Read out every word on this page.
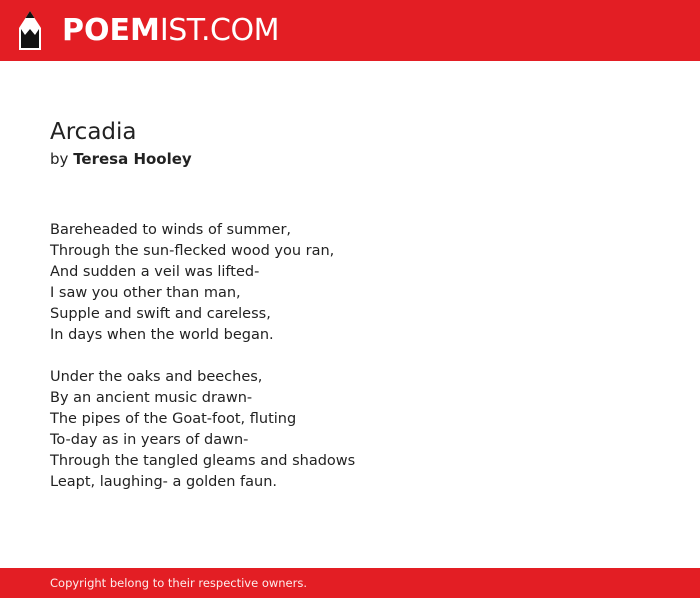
POEMIST.COM
Arcadia
by Teresa Hooley
Bareheaded to winds of summer,
Through the sun-flecked wood you ran,
And sudden a veil was lifted-
I saw you other than man,
Supple and swift and careless,
In days when the world began.
Under the oaks and beeches,
By an ancient music drawn-
The pipes of the Goat-foot, fluting
To-day as in years of dawn-
Through the tangled gleams and shadows
Leapt, laughing- a golden faun.
Copyright belong to their respective owners.
